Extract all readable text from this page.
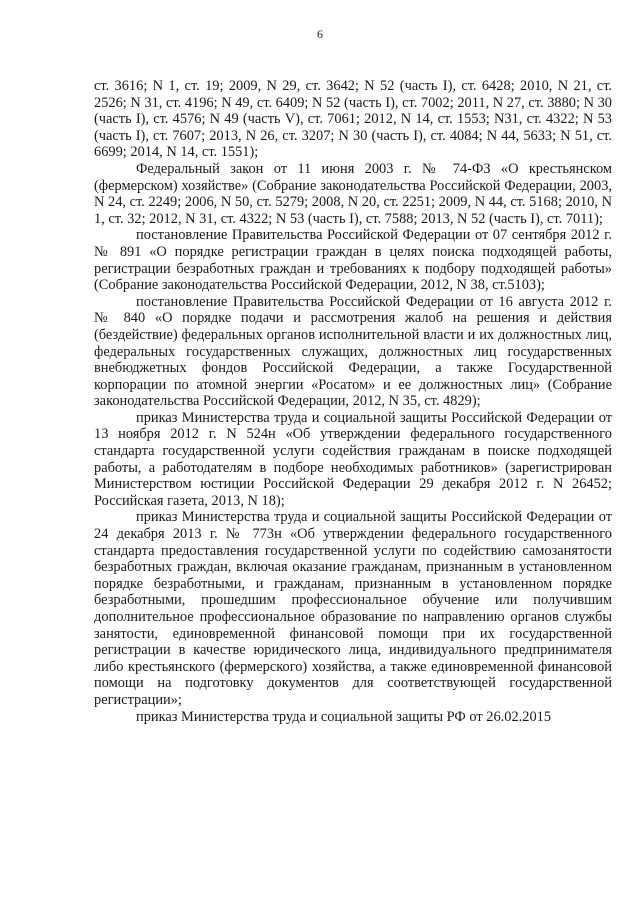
6

ст. 3616; N 1, ст. 19; 2009, N 29, ст. 3642; N 52 (часть I), ст. 6428; 2010, N 21, ст. 2526; N 31, ст. 4196; N 49, ст. 6409; N 52 (часть I), ст. 7002; 2011, N 27, ст. 3880; N 30 (часть I), ст. 4576; N 49 (часть V), ст. 7061; 2012, N 14, ст. 1553; N31, ст. 4322; N 53 (часть I), ст. 7607; 2013, N 26, ст. 3207; N 30 (часть I), ст. 4084; N 44, 5633; N 51, ст. 6699; 2014, N 14, ст. 1551);

Федеральный закон от 11 июня 2003 г. № 74-ФЗ «О крестьянском (фермерском) хозяйстве» (Собрание законодательства Российской Федерации, 2003, N 24, ст. 2249; 2006, N 50, ст. 5279; 2008, N 20, ст. 2251; 2009, N 44, ст. 5168; 2010, N 1, ст. 32; 2012, N 31, ст. 4322; N 53 (часть I), ст. 7588; 2013, N 52 (часть I), ст. 7011);

постановление Правительства Российской Федерации от 07 сентября 2012 г. № 891 «О порядке регистрации граждан в целях поиска подходящей работы, регистрации безработных граждан и требованиях к подбору подходящей работы» (Собрание законодательства Российской Федерации, 2012, N 38, ст.5103);

постановление Правительства Российской Федерации от 16 августа 2012 г. № 840 «О порядке подачи и рассмотрения жалоб на решения и действия (бездействие) федеральных органов исполнительной власти и их должностных лиц, федеральных государственных служащих, должностных лиц государственных внебюджетных фондов Российской Федерации, а также Государственной корпорации по атомной энергии «Росатом» и ее должностных лиц» (Собрание законодательства Российской Федерации, 2012, N 35, ст. 4829);

приказ Министерства труда и социальной защиты Российской Федерации от 13 ноября 2012 г. N 524н «Об утверждении федерального государственного стандарта государственной услуги содействия гражданам в поиске подходящей работы, а работодателям в подборе необходимых работников» (зарегистрирован Министерством юстиции Российской Федерации 29 декабря 2012 г. N 26452; Российская газета, 2013, N 18);

приказ Министерства труда и социальной защиты Российской Федерации от 24 декабря 2013 г. № 773н «Об утверждении федерального государственного стандарта предоставления государственной услуги по содействию самозанятости безработных граждан, включая оказание гражданам, признанным в установленном порядке безработными, и гражданам, признанным в установленном порядке безработными, прошедшим профессиональное обучение или получившим дополнительное профессиональное образование по направлению органов службы занятости, единовременной финансовой помощи при их государственной регистрации в качестве юридического лица, индивидуального предпринимателя либо крестьянского (фермерского) хозяйства, а также единовременной финансовой помощи на подготовку документов для соответствующей государственной регистрации»;

приказ Министерства труда и социальной защиты РФ от 26.02.2015
